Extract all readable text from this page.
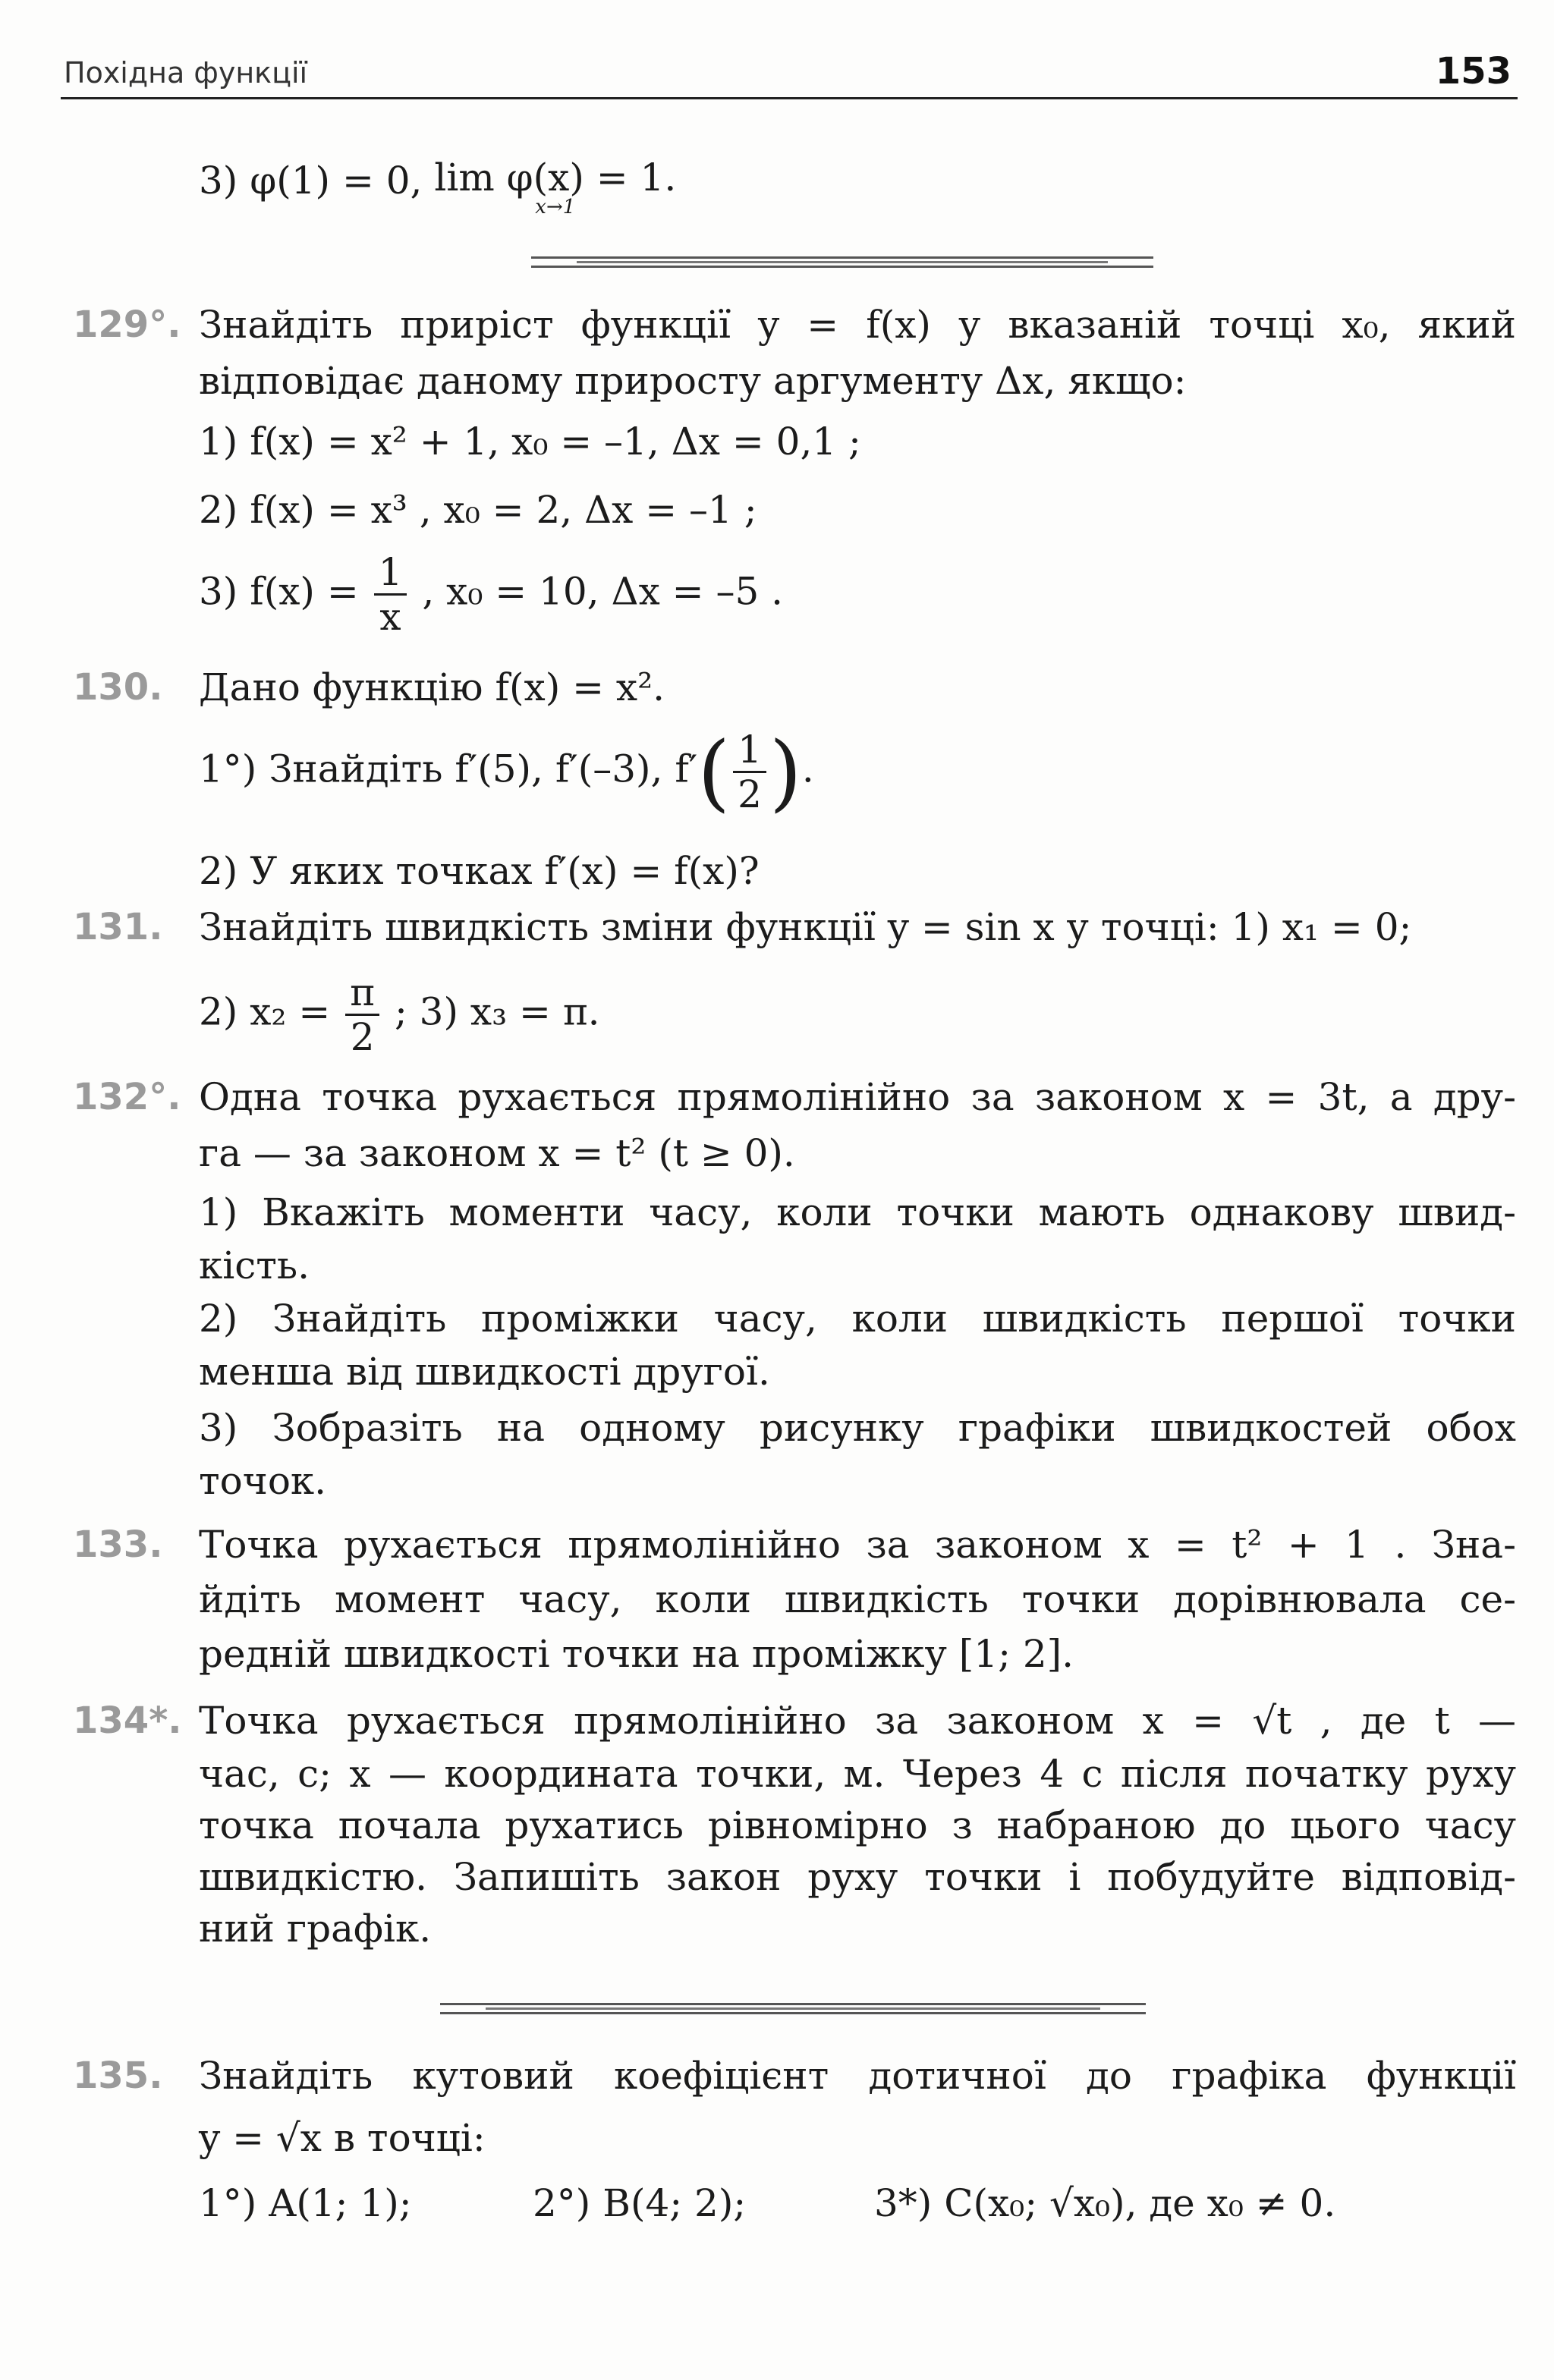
Похідна функції	153
3) φ(1) = 0, lim φ(x) = 1.
x→1
129°. Знайдіть приріст функції y = f(x) у вказаній точці x₀, який
відповідає даному приросту аргументу Δx, якщо:
1) f(x) = x² + 1, x₀ = –1, Δx = 0,1 ;
2) f(x) = x³ , x₀ = 2, Δx = –1 ;
3) $f(x) = \frac{1}{x}$ , x₀ = 10, Δx = –5 .
130. Дано функцію f(x) = x².
1°) Знайдіть f′(5), f′(–3), $f'( \frac{1}{2}$ ).
2) У яких точках f′(x) = f(x)?
131. Знайдіть швидкість зміни функції y = sin x у точці: 1) x₁ = 0;
2) $x_2 = \frac{\pi}{2}$ ; 3) x₃ = π.
132°. Одна точка рухається прямолінійно за законом x = 3t, а дру-
га — за законом x = t² (t ≥ 0).
1) Вкажіть моменти часу, коли точки мають однакову швид-
кість.
2) Знайдіть проміжки часу, коли швидкість першої точки
менша від швидкості другої.
3) Зобразіть на одному рисунку графіки швидкостей обох
точок.
133. Точка рухається прямолінійно за законом x = t² + 1 . Зна-
йдіть момент часу, коли швидкість точки дорівнювала се-
редній швидкості точки на проміжку [1; 2].
134*. Точка рухається прямолінійно за законом x = √t , де t —
час, с; x — координата точки, м. Через 4 с після початку руху
точка почала рухатись рівномірно з набраною до цього часу
швидкістю. Запишіть закон руху точки і побудуйте відповід-
ний графік.
135. Знайдіть кутовий коефіцієнт дотичної до графіка функції
y = √x в точці:
1°) A(1; 1);	2°) B(4; 2);	3*) C(x₀; √x₀), де x₀ ≠ 0.
